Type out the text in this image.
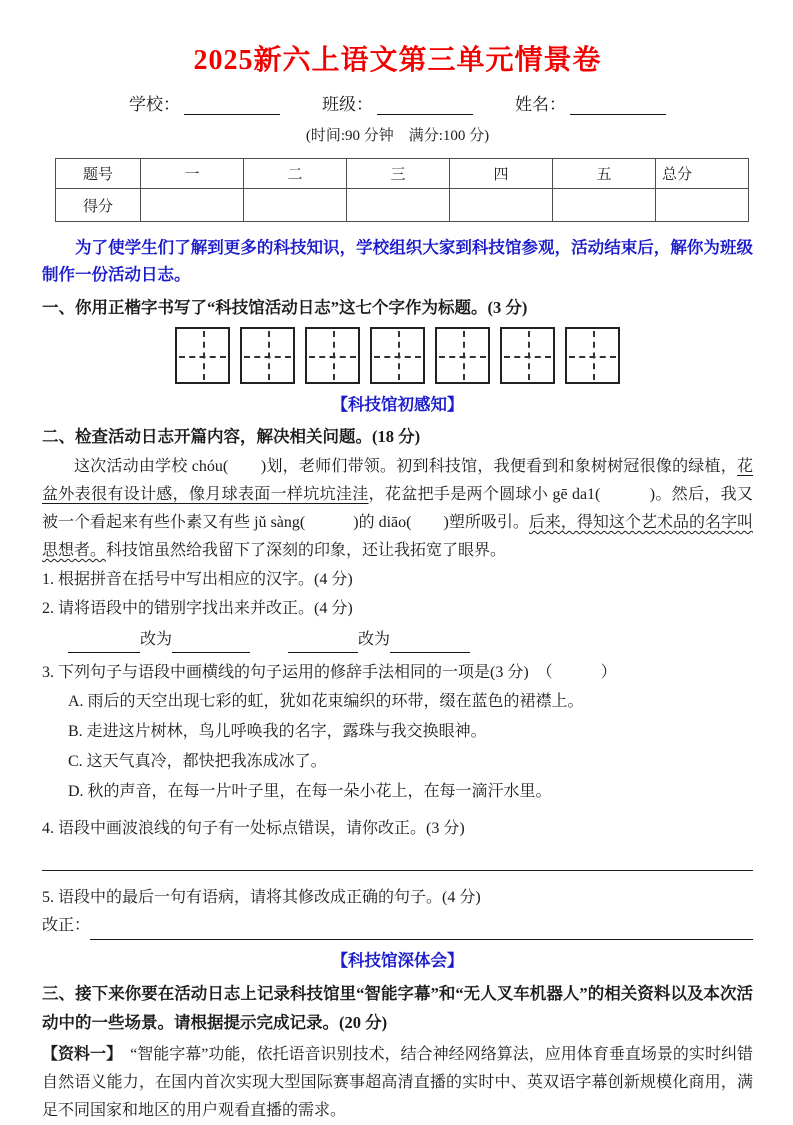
2025新六上语文第三单元情景卷
学校：	班级：	姓名：
(时间:90 分钟　满分:100 分)
题号	一	二	三	四	五	总分
得分						

为了使学生们了解到更多的科技知识，学校组织大家到科技馆参观，活动结束后，解你为班级制作一份活动日志。

一、你用正楷字书写了“科技馆活动日志”这七个字作为标题。(3 分)

【科技馆初感知】

二、检查活动日志开篇内容，解决相关问题。(18 分)

这次活动由学校 chóu(　　)划，老师们带领。初到科技馆，我便看到和象树树冠很像的绿植，花盆外表很有设计感，像月球表面一样坑坑洼洼，花盆把手是两个圆球小 gē da1(　　　)。然后，我又被一个看起来有些仆素又有些 jǔ sàng(　　　)的 diāo(　　)塑所吸引。后来，得知这个艺术品的名字叫思想者。科技馆虽然给我留下了深刻的印象，还让我拓宽了眼界。

1. 根据拼音在括号中写出相应的汉字。(4 分)
2. 请将语段中的错别字找出来并改正。(4 分)
改为	改为
3. 下列句子与语段中画横线的句子运用的修辞手法相同的一项是(3 分)　（　　　）
A. 雨后的天空出现七彩的虹，犹如花束编织的环带，缀在蓝色的裙襟上。
B. 走进这片树林，鸟儿呼唤我的名字，露珠与我交换眼神。
C. 这天气真冷，都快把我冻成冰了。
D. 秋的声音，在每一片叶子里，在每一朵小花上，在每一滴汗水里。
4. 语段中画波浪线的句子有一处标点错误，请你改正。(3 分)
5. 语段中的最后一句有语病，请将其修改成正确的句子。(4 分)
改正：
【科技馆深体会】

三、接下来你要在活动日志上记录科技馆里“智能字幕”和“无人叉车机器人”的相关资料以及本次活动中的一些场景。请根据提示完成记录。(20 分)

【资料一】　“智能字幕”功能，依托语音识别技术，结合神经网络算法，应用体育垂直场景的实时纠错自然语义能力，在国内首次实现大型国际赛事超高清直播的实时中、英双语字幕创新规模化商用，满足不同国家和地区的用户观看直播的需求。
